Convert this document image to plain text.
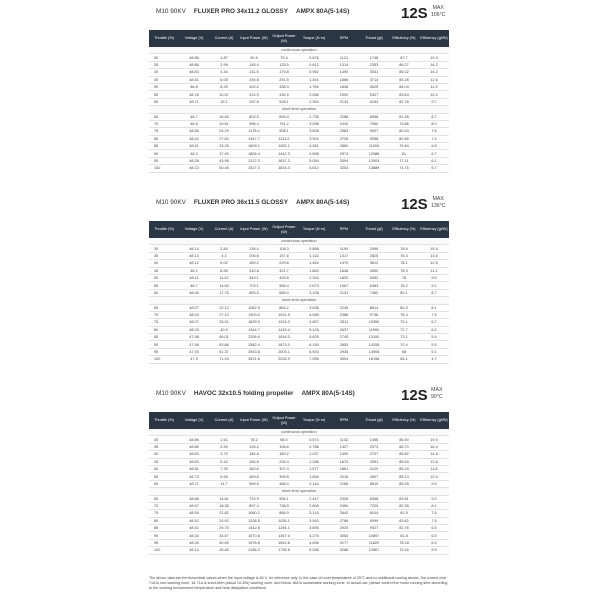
M10 90KV FLUXER PRO 34x11.2 GLOSSY AMPX 80A(5-14S)	12S MAX
106°C
Throttle (%)	Voltage (V)	Current (A)	Input Power (W)	Output Power (W)	Torque (N·m)	RPM	Thrust (gf)	Efficiency (%)	Efficiency (gf/W)
continuous operation									
30	48.86	1.87	90.9	79.4	0.676	1121	1748	87.7	19.3
35	48.86	2.99	145.4	125.5	0.812	1314	2353	86.27	16.2
40	48.83	4.34	211.5	179.8	0.952	1490	3031	85.02	14.2
45	48.81	6.05	294.8	251.5	1.451	1666	3714	85.28	12.6
50	48.8	8.25	402.2	338.3	1.769	1836	4525	84.04	11.3
55	48.76	10.57	514.9	430.9	2.066	1992	5327	83.63	10.2
60	48.71	19.1	937.6	528.1	2.394	2134	6154	82.78	9.7
short term operation									
65	48.7	16.45	802.5	655.4	2.735	2288	6958	81.65	8.7
70	48.6	20.51	996.4	791.2	3.096	2440	7960	79.86	8.0
75	48.56	24.29	1178.4	908.1	3.506	2583	9007	80.43	7.6
80	48.42	27.84	1347.7	1113.2	3.901	2725	9958	82.85	7.4
85	48.41	33.25	1609.1	1282.1	4.281	2860	11000	79.84	6.8
90	48.3	37.39	1805.4	1442.3	4.698	2974	12088	81	6.7
95	48.26	43.98	2122.3	1637.2	5.054	3094	12903	77.11	6.1
100	48.13	50.46	2427.0	1816.3	5.612	3203	13889	74.76	5.7
M10 90KV FLUXER PRO 36x11.5 GLOSSY AMPX 80A(5-14S)	12S MAX
136°C
Throttle (%)	Voltage (V)	Current (A)	Input Power (W)	Output Power (W)	Torque (N·m)	RPM	Thrust (gf)	Efficiency (%)	Efficiency (gf/W)
continuous operation									
30	48.14	2.84	136.4	108.3	0.868	1190	2096	78.6	15.4
35	48.13	4.3	206.6	157.6	1.142	1317	2825	76.3	13.6
40	48.12	6.02	289.2	229.8	1.462	1470	3612	78.1	12.5
45	48.1	8.55	410.8	321.7	1.864	1648	4550	78.3	11.1
50	48.11	11.42	549.1	428.8	2.343	1820	5452	78	9.9
55	48.7	14.63	703.1	558.4	2.673	1967	6383	78.2	9.1
60	48.06	17.76	853.5	685.0	3.108	2131	7460	80.1	8.7
short term operation									
65	48.07	22.12	1062.9	864.2	3.638	2245	8614	80.3	8.1
70	48.04	27.13	1303.0	1021.5	4.085	2388	9736	78.4	7.5
75	48.07	33.91	1629.5	1224.0	4.657	2511	10950	75.1	6.7
80	48.03	40.5	1944.7	1415.4	5.126	2637	11992	72.7	6.2
85	47.98	46.01	2206.9	1616.3	5.625	2745	13100	73.1	5.9
90	47.96	53.86	2582.4	1879.0	6.150	2853	14208	70.4	5.5
95	47.93	61.37	2943.8	2003.1	6.593	2930	14908	68	5.1
100	47.9	71.43	3421.6	2228.0	7.055	3004	16198	65.1	4.7
M10 90KV HAVOC 32x10.5 folding propeller AMPX 80A(5-14S)	12S MAX
90°C
Throttle (%)	Voltage (V)	Current (A)	Input Power (W)	Output Power (W)	Torque (N·m)	RPM	Thrust (gf)	Efficiency (%)	Efficiency (gf/W)
continuous operation									
30	48.86	1.61	78.2	68.0	0.574	1132	1455	86.90	19.0
35	48.86	2.59	126.2	108.6	0.788	1327	2073	86.70	16.4
40	48.83	3.79	184.8	160.2	1.037	1490	2707	86.82	14.6
45	48.83	5.42	264.6	228.4	1.288	1674	3391	85.64	12.8
50	48.81	7.39	360.6	307.4	1.577	1861	4129	85.24	11.6
55	48.73	9.65	469.8	399.8	1.894	2015	4907	85.13	10.4
60	48.71	11.7	569.5	488.0	2.144	2165	5619	85.28	9.9
short term operation									
65	48.68	14.81	710.9	596.1	2.447	2326	6368	83.81	9.0
70	48.67	18.35	897.4	738.9	2.806	2450	7229	82.28	8.1
75	48.59	21.82	1060.2	868.9	3.143	2642	8104	81.9	7.6
80	48.52	24.92	1208.5	1035.1	3.543	2786	9099	83.62	7.5
85	48.42	29.75	1442.6	1194.1	3.895	2920	9927	82.76	6.9
90	48.34	34.57	1670.6	1367.0	4.275	3054	10897	81.8	6.5
95	48.26	40.69	1978.8	1543.6	4.696	3177	11820	78.18	6.0
100	48.14	45.45	2186.2	1735.6	5.098	3288	12667	79.16	5.9
The above data are the theoretical values when the input voltage is 48 V, for reference only. In the case of room temperature of 25°C and no additional cooling device, the current over 71A is non-working zone, 16-71A is short-term (about 10-30s) working zone, and below 16A is sustainable working zone. In actual use, please control the motor running time according to the working environment temperature and heat dissipation conditions.
